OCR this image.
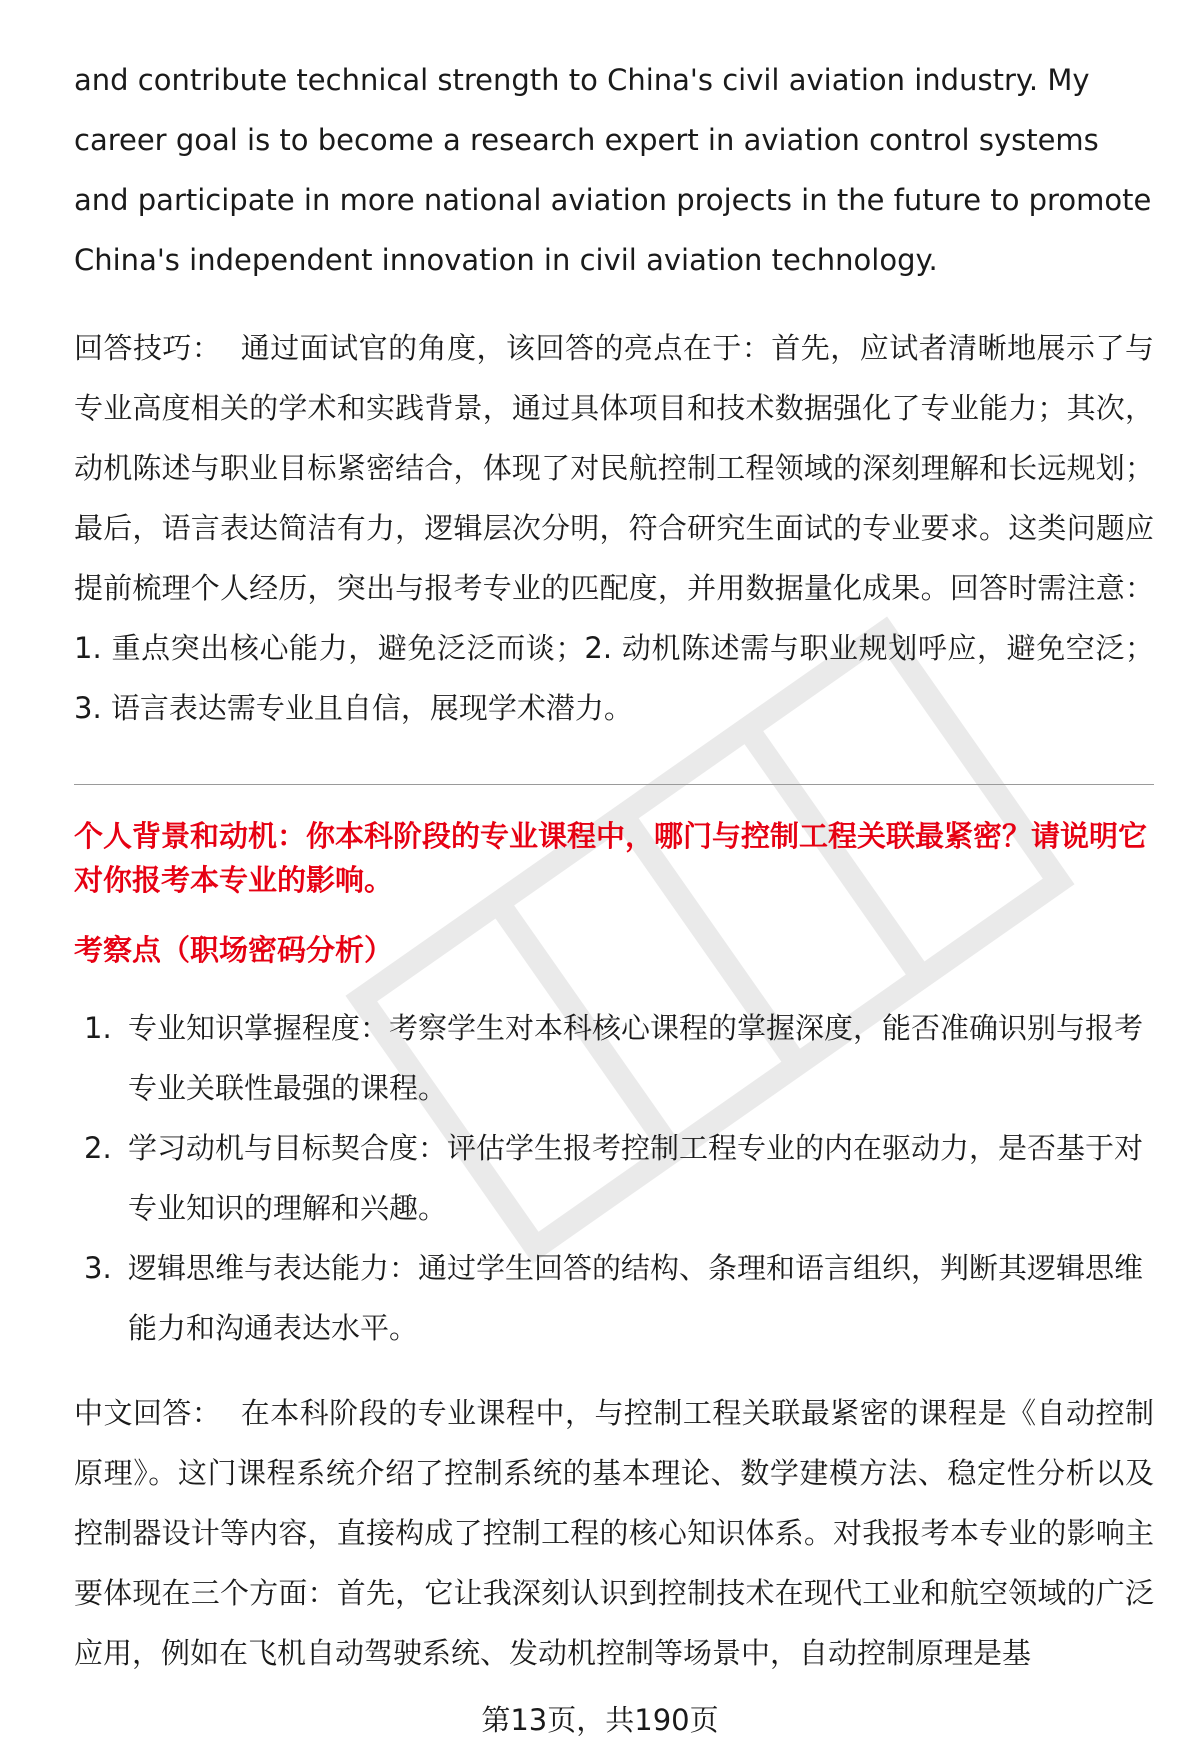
and contribute technical strength to China's civil aviation industry. My career goal is to become a research expert in aviation control systems and participate in more national aviation projects in the future to promote China's independent innovation in civil aviation technology.

回答技巧： 通过面试官的角度，该回答的亮点在于：首先，应试者清晰地展示了与专业高度相关的学术和实践背景，通过具体项目和技术数据强化了专业能力；其次，动机陈述与职业目标紧密结合，体现了对民航控制工程领域的深刻理解和长远规划；最后，语言表达简洁有力，逻辑层次分明，符合研究生面试的专业要求。这类问题应提前梳理个人经历，突出与报考专业的匹配度，并用数据量化成果。回答时需注意：1. 重点突出核心能力，避免泛泛而谈；2. 动机陈述需与职业规划呼应，避免空泛；3. 语言表达需专业且自信，展现学术潜力。

个人背景和动机：你本科阶段的专业课程中，哪门与控制工程关联最紧密？请说明它对你报考本专业的影响。

考察点（职场密码分析）

1. 专业知识掌握程度：考察学生对本科核心课程的掌握深度，能否准确识别与报考专业关联性最强的课程。
2. 学习动机与目标契合度：评估学生报考控制工程专业的内在驱动力，是否基于对专业知识的理解和兴趣。
3. 逻辑思维与表达能力：通过学生回答的结构、条理和语言组织，判断其逻辑思维能力和沟通表达水平。

中文回答： 在本科阶段的专业课程中，与控制工程关联最紧密的课程是《自动控制原理》。这门课程系统介绍了控制系统的基本理论、数学建模方法、稳定性分析以及控制器设计等内容，直接构成了控制工程的核心知识体系。对我报考本专业的影响主要体现在三个方面：首先，它让我深刻认识到控制技术在现代工业和航空领域的广泛应用，例如在飞机自动驾驶系统、发动机控制等场景中，自动控制原理是基

第13页，共190页
